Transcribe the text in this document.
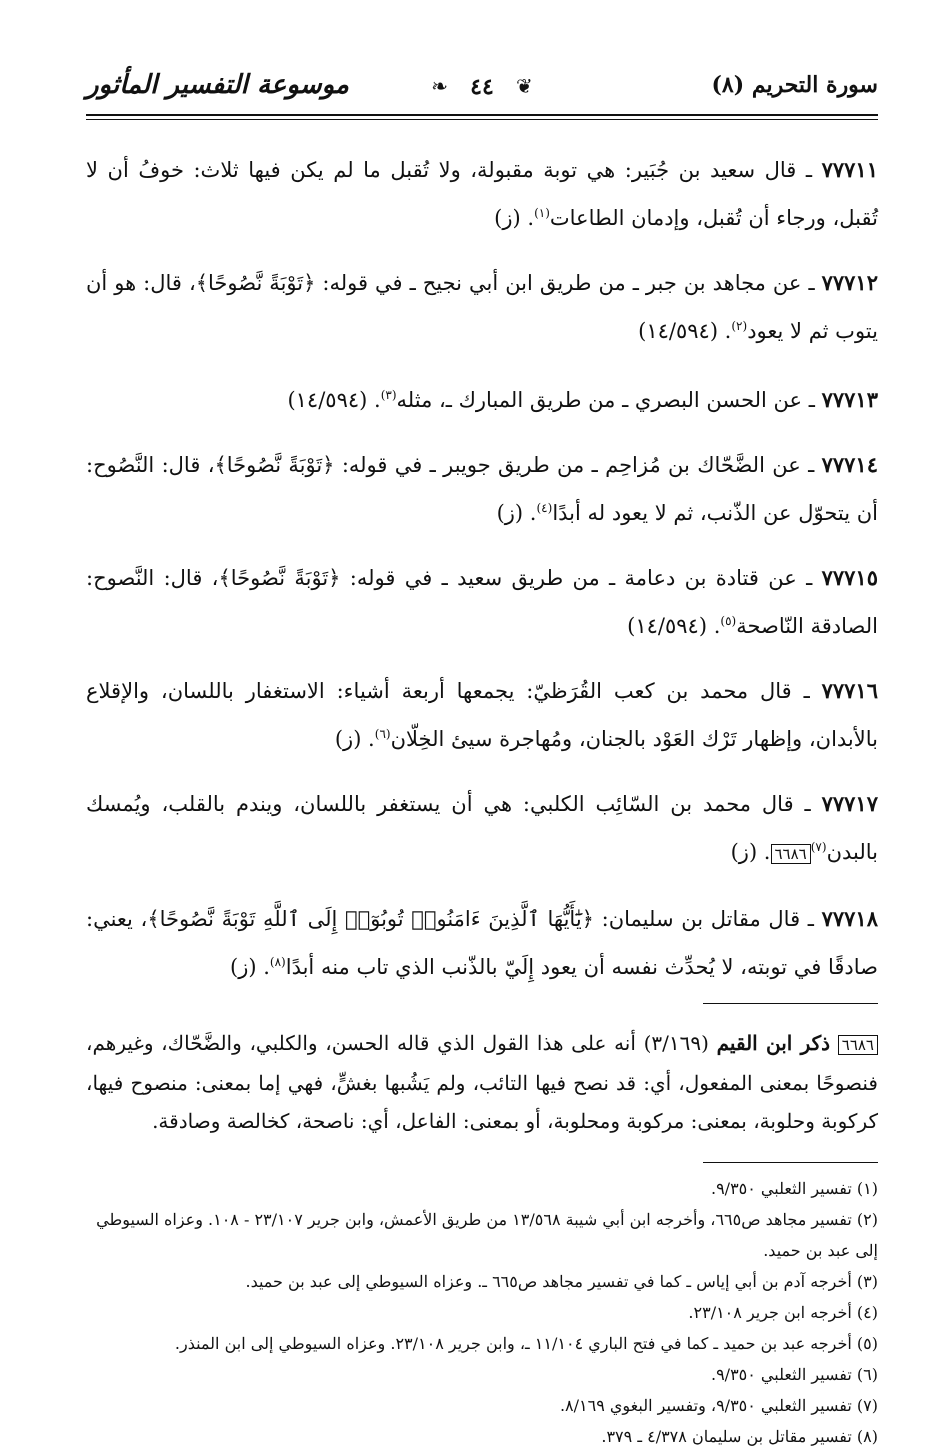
سورة التحريم (٨)
❦
٤٤
❧
موسوعة التفسير المأثور

٧٧٧١١ ـ قال سعيد بن جُبَير: هي توبة مقبولة، ولا تُقبل ما لم يكن فيها ثلاث: خوفُ أن لا تُقبل، ورجاء أن تُقبل، وإدمان الطاعات$^{(١)}$. (ز)

٧٧٧١٢ ـ عن مجاهد بن جبر ـ من طريق ابن أبي نجيح ـ في قوله: ﴿تَوْبَةً نَّصُوحًا﴾، قال: هو أن يتوب ثم لا يعود$^{(٢)}$. (١٤/٥٩٤)

٧٧٧١٣ ـ عن الحسن البصري ـ من طريق المبارك ـ، مثله$^{(٣)}$. (١٤/٥٩٤)

٧٧٧١٤ ـ عن الضَّحّاك بن مُزاحِم ـ من طريق جويبر ـ في قوله: ﴿تَوْبَةً نَّصُوحًا﴾، قال: النَّصُوح: أن يتحوّل عن الذّنب، ثم لا يعود له أبدًا$^{(٤)}$. (ز)

٧٧٧١٥ ـ عن قتادة بن دعامة ـ من طريق سعيد ـ في قوله: ﴿تَوْبَةً نَّصُوحًا﴾، قال: النَّصوح: الصادقة النّاصحة$^{(٥)}$. (١٤/٥٩٤)

٧٧٧١٦ ـ قال محمد بن كعب القُرَظيّ: يجمعها أربعة أشياء: الاستغفار باللسان، والإقلاع بالأبدان، وإظهار تَرْك العَوْد بالجنان، ومُهاجرة سيئ الخِلّان$^{(٦)}$. (ز)

٧٧٧١٧ ـ قال محمد بن السّائِب الكلبي: هي أن يستغفر باللسان، ويندم بالقلب، ويُمسك بالبدن$^{(٧)}$٦٦٨٦. (ز)

٧٧٧١٨ ـ قال مقاتل بن سليمان: ﴿يَٰٓأَيُّهَا ٱلَّذِينَ ءَامَنُوا۟ تُوبُوٓا۟ إِلَى ٱللَّهِ تَوْبَةً نَّصُوحًا﴾، يعني: صادقًا في توبته، لا يُحدِّث نفسه أن يعود إِلَيّ بالذّنب الذي تاب منه أبدًا$^{(٨)}$. (ز)

٦٦٨٦ ذكر ابن القيم (٣/١٦٩) أنه على هذا القول الذي قاله الحسن، والكلبي، والضَّحّاك، وغيرهم، فنصوحًا بمعنى المفعول، أي: قد نصح فيها التائب، ولم يَشُبها بغشٍّ، فهي إما بمعنى: منصوح فيها، كركوبة وحلوبة، بمعنى: مركوبة ومحلوبة، أو بمعنى: الفاعل، أي: ناصحة، كخالصة وصادقة.

(١) تفسير الثعلبي ٩/٣٥٠.
(٢) تفسير مجاهد ص٦٦٥، وأخرجه ابن أبي شيبة ١٣/٥٦٨ من طريق الأعمش، وابن جرير ٢٣/١٠٧ - ١٠٨. وعزاه السيوطي إلى عبد بن حميد.
(٣) أخرجه آدم بن أبي إياس ـ كما في تفسير مجاهد ص٦٦٥ ـ. وعزاه السيوطي إلى عبد بن حميد.
(٤) أخرجه ابن جرير ٢٣/١٠٨.
(٥) أخرجه عبد بن حميد ـ كما في فتح الباري ١١/١٠٤ ـ، وابن جرير ٢٣/١٠٨. وعزاه السيوطي إلى ابن المنذر.
(٦) تفسير الثعلبي ٩/٣٥٠.
(٧) تفسير الثعلبي ٩/٣٥٠، وتفسير البغوي ٨/١٦٩.
(٨) تفسير مقاتل بن سليمان ٤/٣٧٨ ـ ٣٧٩.
